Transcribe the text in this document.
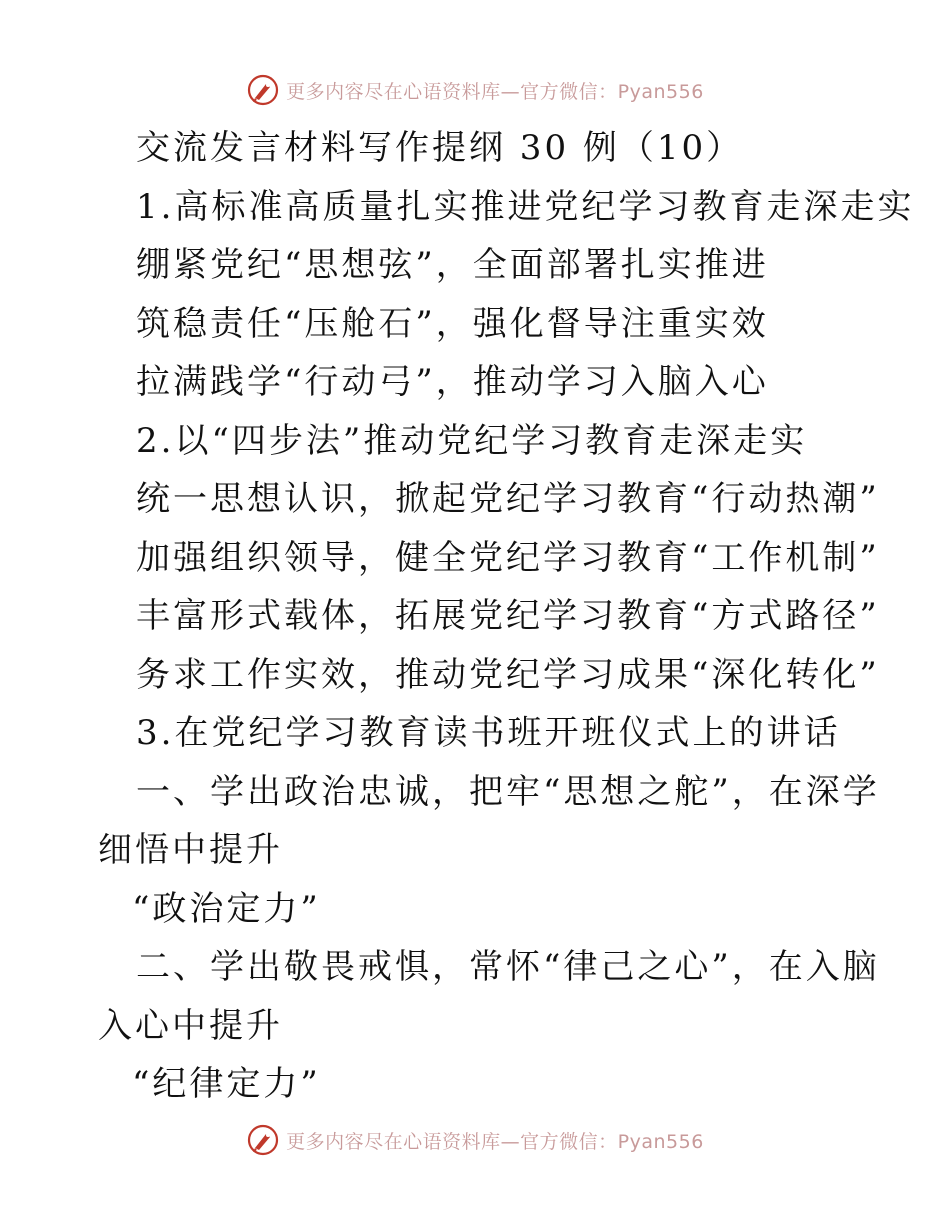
更多内容尽在心语资料库—官方微信：Pyan556
交流发言材料写作提纲 30 例（10）
1.高标准高质量扎实推进党纪学习教育走深走实
绷紧党纪“思想弦”，全面部署扎实推进
筑稳责任“压舱石”，强化督导注重实效
拉满践学“行动弓”，推动学习入脑入心
2.以“四步法”推动党纪学习教育走深走实
统一思想认识，掀起党纪学习教育“行动热潮”
加强组织领导，健全党纪学习教育“工作机制”
丰富形式载体，拓展党纪学习教育“方式路径”
务求工作实效，推动党纪学习成果“深化转化”
3.在党纪学习教育读书班开班仪式上的讲话
一、学出政治忠诚，把牢“思想之舵”，在深学
细悟中提升
“政治定力”
二、学出敬畏戒惧，常怀“律己之心”，在入脑
入心中提升
“纪律定力”
更多内容尽在心语资料库—官方微信：Pyan556
